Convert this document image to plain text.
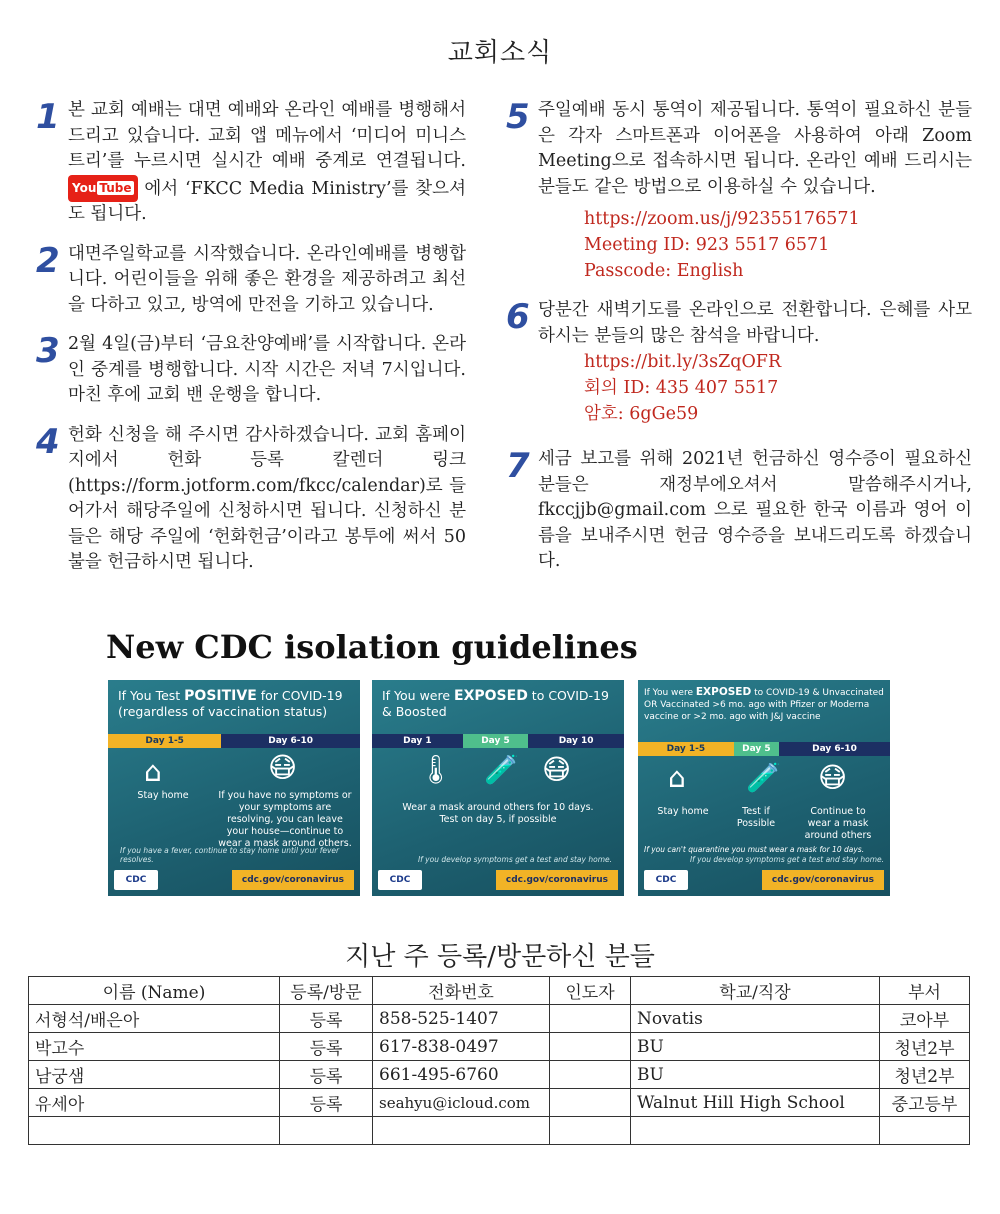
교회소식
1 본 교회 예배는 대면 예배와 온라인 예배를 병행해서 드리고 있습니다. 교회 앱 메뉴에서 ‘미디어 미니스트리’를 누르시면 실시간 예배 중계로 연결됩니다. You Tube 에서 ‘FKCC Media Ministry’를 찾으셔도 됩니다.
2 대면주일학교를 시작했습니다. 온라인예배를 병행합니다. 어린이들을 위해 좋은 환경을 제공하려고 최선을 다하고 있고, 방역에 만전을 기하고 있습니다.
3 2월 4일(금)부터 ‘금요찬양예배’를 시작합니다. 온라인 중계를 병행합니다. 시작 시간은 저녁 7시입니다. 마친 후에 교회 밴 운행을 합니다.
4 헌화 신청을 해 주시면 감사하겠습니다. 교회 홈페이지에서 헌화 등록 칼렌더 링크(https://form.jotform.com/fkcc/calendar)로 들어가서 해당주일에 신청하시면 됩니다. 신청하신 분들은 해당 주일에 ‘헌화헌금’이라고 봉투에 써서 50불을 헌금하시면 됩니다.
5 주일예배 동시 통역이 제공됩니다. 통역이 필요하신 분들은 각자 스마트폰과 이어폰을 사용하여 아래 Zoom Meeting으로 접속하시면 됩니다. 온라인 예배 드리시는 분들도 같은 방법으로 이용하실 수 있습니다.
https://zoom.us/j/92355176571
Meeting ID: 923 5517 6571
Passcode: English
6 당분간 새벽기도를 온라인으로 전환합니다. 은혜를 사모하시는 분들의 많은 참석을 바랍니다.
https://bit.ly/3sZqOFR
회의 ID: 435 407 5517
암호: 6gGe59
7 세금 보고를 위해 2021년 헌금하신 영수증이 필요하신 분들은 재정부에오셔서 말씀해주시거나, fkccjjb@gmail.com 으로 필요한 한국 이름과 영어 이름을 보내주시면 헌금 영수증을 보내드리도록 하겠습니다.
New CDC isolation guidelines
If You Test POSITIVE for COVID-19
(regardless of vaccination status)
Day 1-5	Day 6-10
⌂
Stay home
😷
If you have no symptoms or your symptoms are resolving, you can leave your house—continue to wear a mask around others.
If you have a fever, continue to stay home until your fever resolves.
CDC	cdc.gov/coronavirus
If You were EXPOSED to COVID-19
& Boosted
Day 1	Day 5	Day 10
🌡 🧪 😷
Wear a mask around others for 10 days. Test on day 5, if possible
If you develop symptoms get a test and stay home.
CDC	cdc.gov/coronavirus
If You were EXPOSED to COVID-19 & Unvaccinated
OR Vaccinated >6 mo. ago with Pfizer or Moderna vaccine or >2 mo. ago with J&J vaccine
Day 1-5	Day 5	Day 6-10
⌂ 🧪 😷
Stay home	Test if Possible
Continue to wear a mask around others
If you can't quarantine you must wear a mask for 10 days.
If you develop symptoms get a test and stay home.
CDC	cdc.gov/coronavirus
지난 주 등록/방문하신 분들
이름 (Name)	등록/방문	전화번호	인도자	학교/직장	부서
서형석/배은아	등록	858-525-1407		Novatis	코아부
박고수	등록	617-838-0497		BU	청년2부
남궁샘	등록	661-495-6760		BU	청년2부
유세아	등록	seahyu@icloud.com		Walnut Hill High School	중고등부
